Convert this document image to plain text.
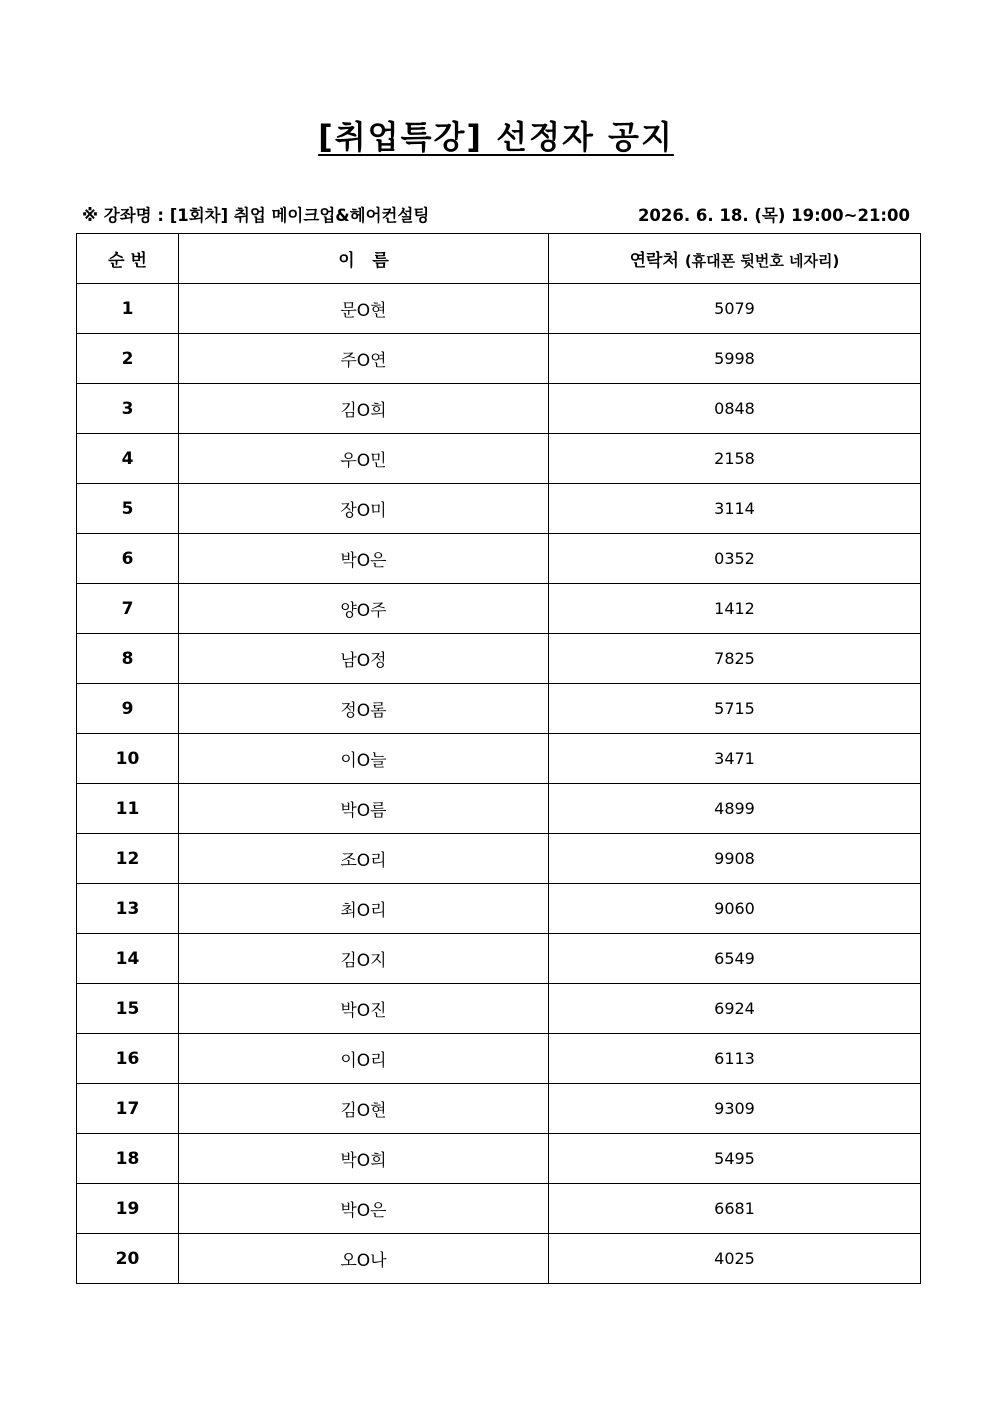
[취업특강] 선정자 공지
※ 강좌명 : [1회차] 취업 메이크업&헤어컨설팅	2026. 6. 18. (목) 19:00~21:00
순 번	이   름	연락처 (휴대폰 뒷번호 네자리)
1	문O현	5079
2	주O연	5998
3	김O희	0848
4	우O민	2158
5	장O미	3114
6	박O은	0352
7	양O주	1412
8	남O정	7825
9	정O롬	5715
10	이O늘	3471
11	박O름	4899
12	조O리	9908
13	최O리	9060
14	김O지	6549
15	박O진	6924
16	이O리	6113
17	김O현	9309
18	박O희	5495
19	박O은	6681
20	오O나	4025
